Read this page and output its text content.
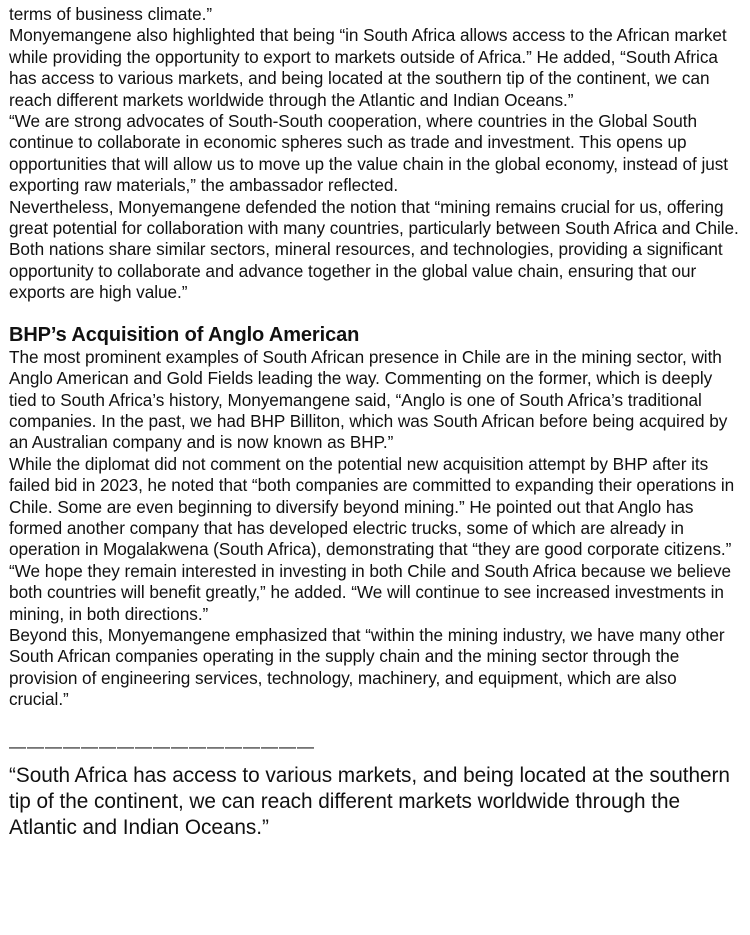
terms of business climate.”

Monyemangene also highlighted that being “in South Africa allows access to the African market while providing the opportunity to export to markets outside of Africa.” He added, “South Africa has access to various markets, and being located at the southern tip of the continent, we can reach different markets worldwide through the Atlantic and Indian Oceans.”

“We are strong advocates of South-South cooperation, where countries in the Global South continue to collaborate in economic spheres such as trade and investment. This opens up opportunities that will allow us to move up the value chain in the global economy, instead of just exporting raw materials,” the ambassador reflected.

Nevertheless, Monyemangene defended the notion that “mining remains crucial for us, offering great potential for collaboration with many countries, particularly between South Africa and Chile. Both nations share similar sectors, mineral resources, and technologies, providing a significant opportunity to collaborate and advance together in the global value chain, ensuring that our exports are high value.”

BHP’s Acquisition of Anglo American

The most prominent examples of South African presence in Chile are in the mining sector, with Anglo American and Gold Fields leading the way. Commenting on the former, which is deeply tied to South Africa’s history, Monyemangene said, “Anglo is one of South Africa’s traditional companies. In the past, we had BHP Billiton, which was South African before being acquired by an Australian company and is now known as BHP.”

While the diplomat did not comment on the potential new acquisition attempt by BHP after its failed bid in 2023, he noted that “both companies are committed to expanding their operations in Chile. Some are even beginning to diversify beyond mining.” He pointed out that Anglo has formed another company that has developed electric trucks, some of which are already in operation in Mogalakwena (South Africa), demonstrating that “they are good corporate citizens.”

“We hope they remain interested in investing in both Chile and South Africa because we believe both countries will benefit greatly,” he added. “We will continue to see increased investments in mining, in both directions.”

Beyond this, Monyemangene emphasized that “within the mining industry, we have many other South African companies operating in the supply chain and the mining sector through the provision of engineering services, technology, machinery, and equipment, which are also crucial.”

—————————————————

“South Africa has access to various markets, and being located at the southern tip of the continent, we can reach different markets worldwide through the Atlantic and Indian Oceans.”
